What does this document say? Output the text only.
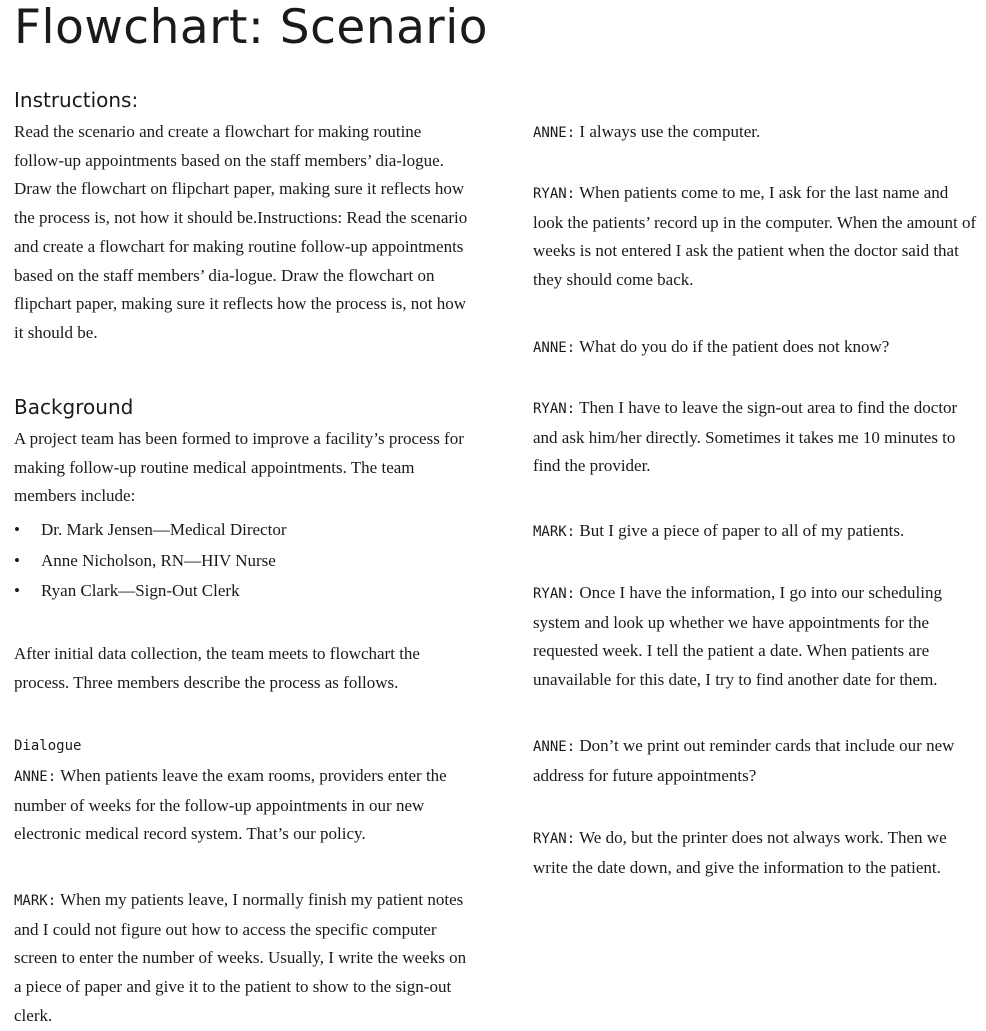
Flowchart: Scenario
Instructions:

Read the scenario and create a flowchart for making routine follow-up appointments based on the staff members’ dia-logue. Draw the flowchart on flipchart paper, making sure it reflects how the process is, not how it should be.Instructions: Read the scenario and create a flowchart for making routine follow-up appointments based on the staff members’ dia-logue. Draw the flowchart on flipchart paper, making sure it reflects how the process is, not how it should be.

Background

A project team has been formed to improve a facility’s process for making follow-up routine medical appointments. The team members include:

• Dr. Mark Jensen—Medical Director
• Anne Nicholson, RN—HIV Nurse
• Ryan Clark—Sign-Out Clerk

After initial data collection, the team meets to flowchart the process. Three members describe the process as follows.

Dialogue

ANNE: When patients leave the exam rooms, providers enter the number of weeks for the follow-up appointments in our new electronic medical record system. That’s our policy.

MARK: When my patients leave, I normally finish my patient notes and I could not figure out how to access the specific computer screen to enter the number of weeks. Usually, I write the weeks on a piece of paper and give it to the patient to show to the sign-out clerk.

ANNE: I always use the computer.

RYAN: When patients come to me, I ask for the last name and look the patients’ record up in the computer. When the amount of weeks is not entered I ask the patient when the doctor said that they should come back.

ANNE: What do you do if the patient does not know?

RYAN: Then I have to leave the sign-out area to find the doctor and ask him/her directly. Sometimes it takes me 10 minutes to find the provider.

MARK: But I give a piece of paper to all of my patients.

RYAN: Once I have the information, I go into our scheduling system and look up whether we have appointments for the requested week. I tell the patient a date. When patients are unavailable for this date, I try to find another date for them.

ANNE: Don’t we print out reminder cards that include our new address for future appointments?

RYAN: We do, but the printer does not always work. Then we write the date down, and give the information to the patient.
